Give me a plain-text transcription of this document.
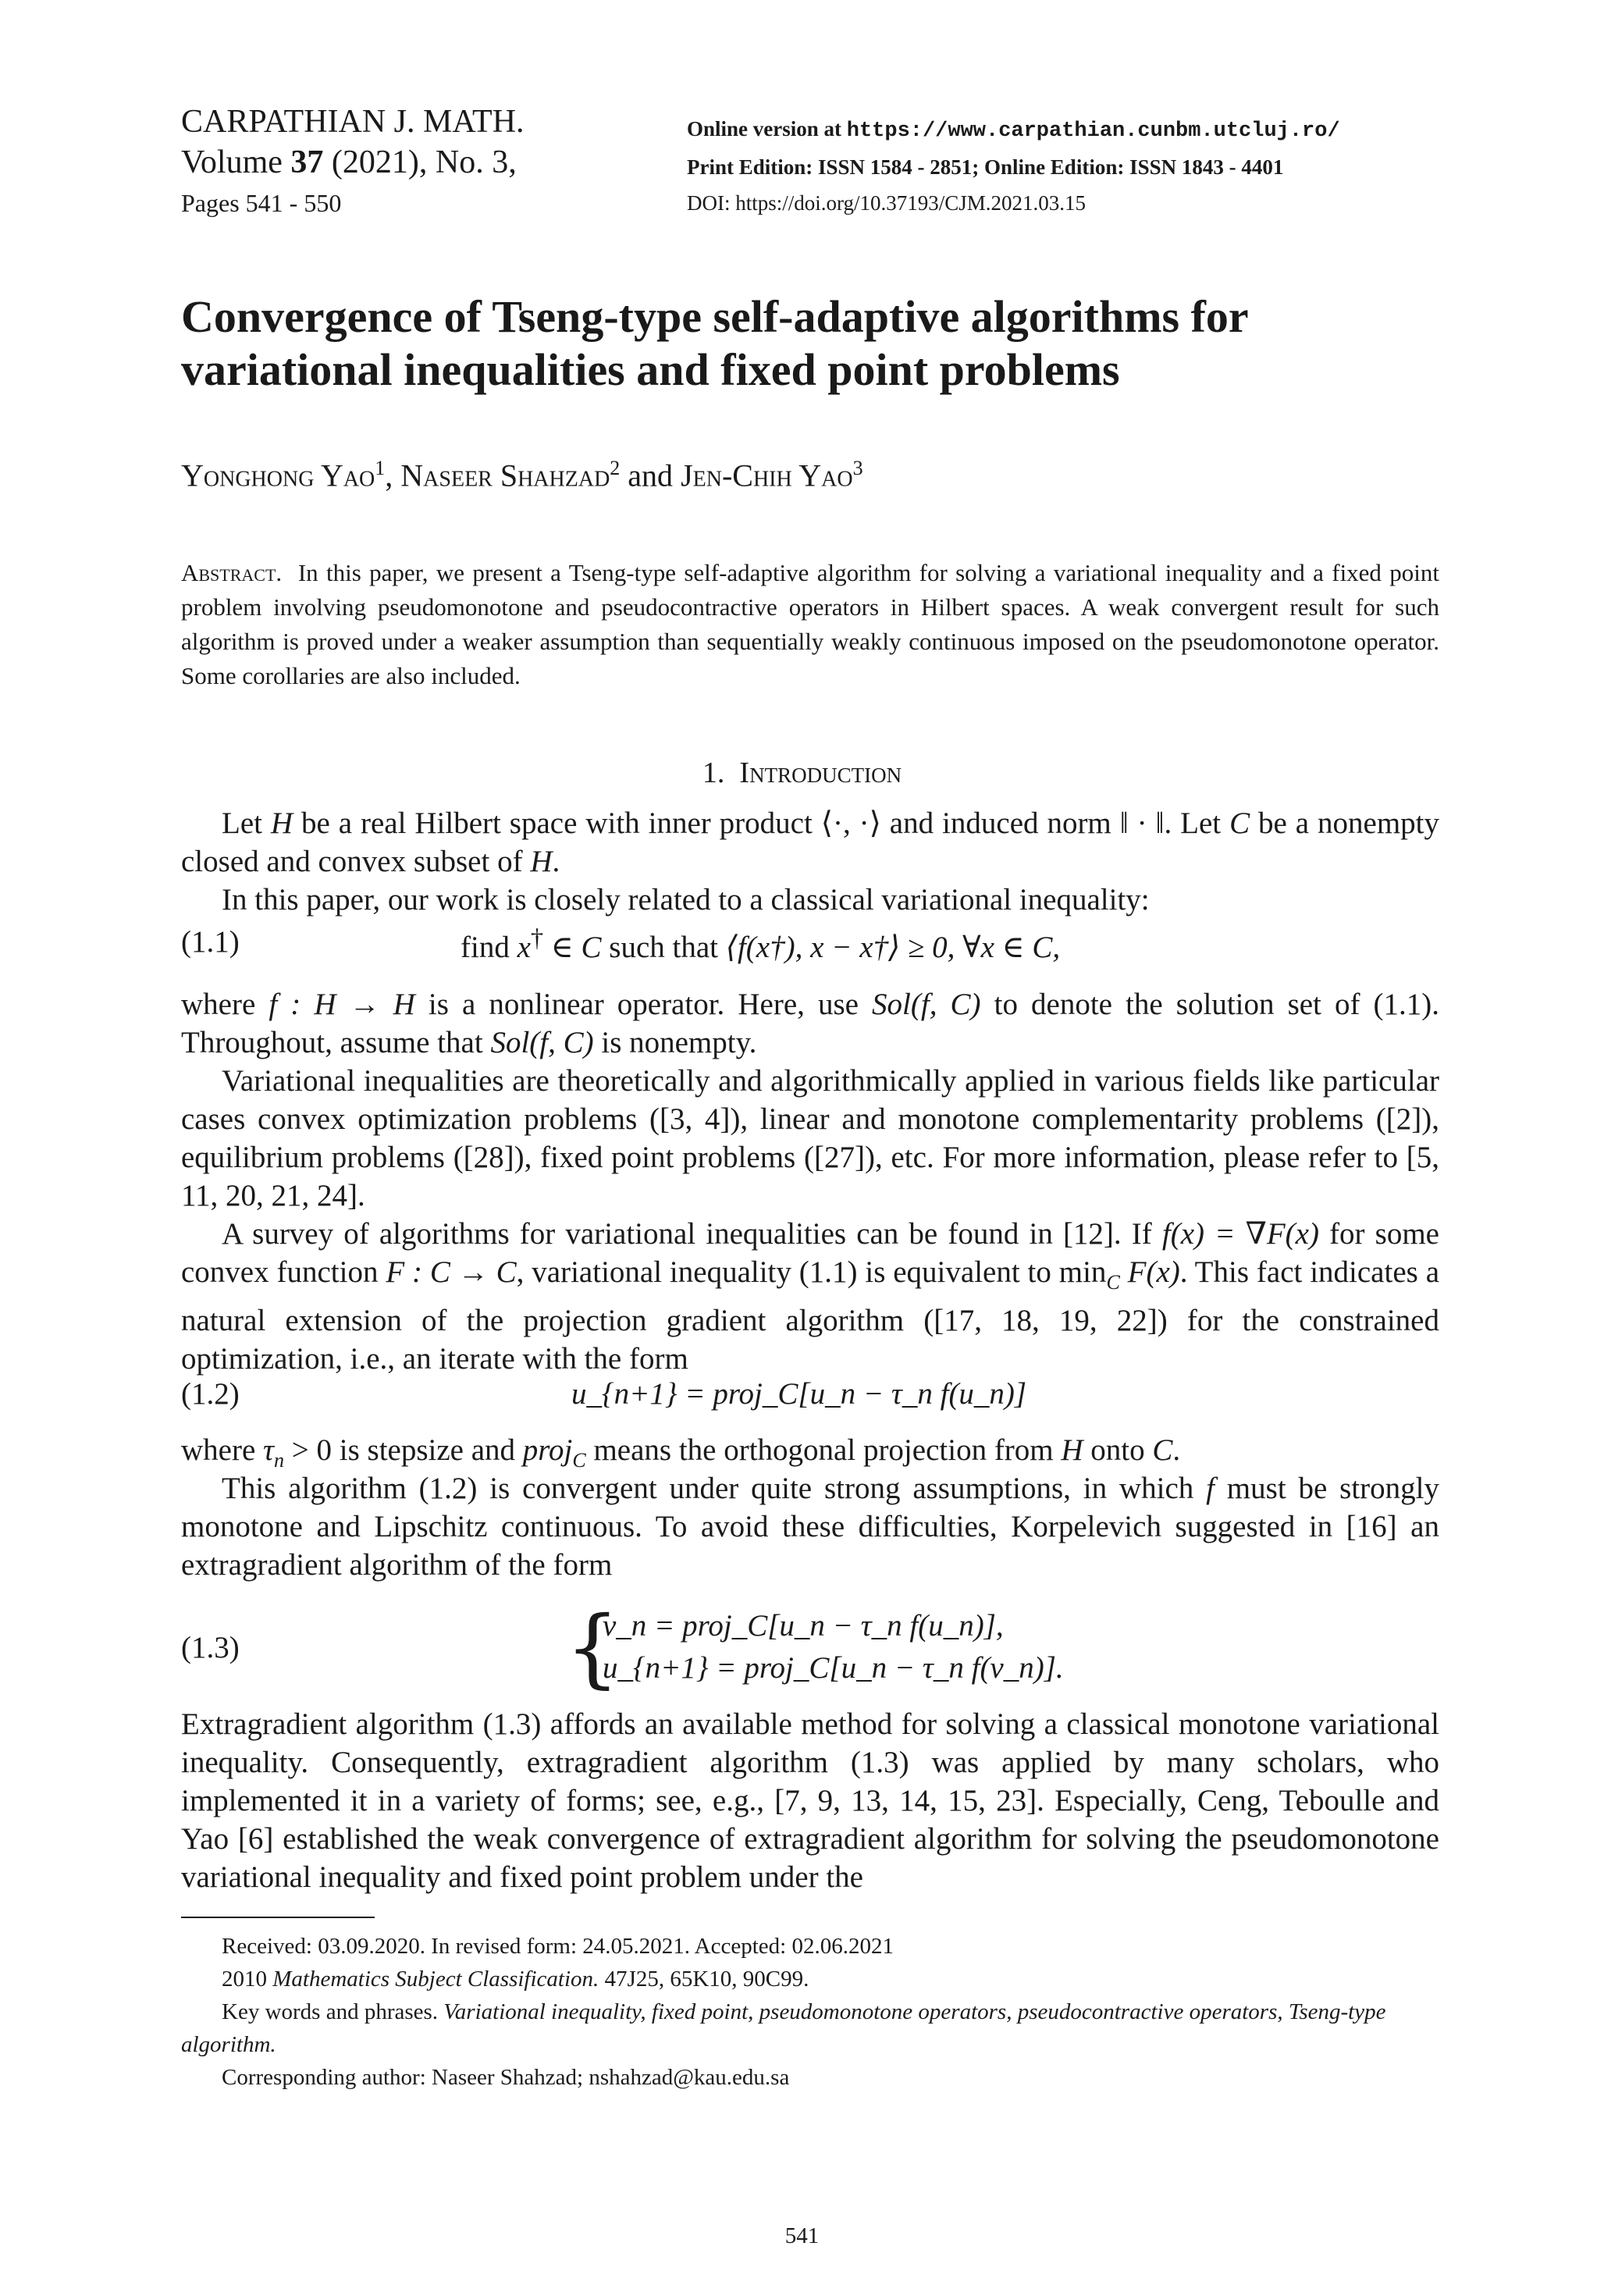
CARPATHIAN J. MATH.
Volume 37 (2021), No. 3,
Pages 541 - 550
Online version at https://www.carpathian.cunbm.utcluj.ro/
Print Edition: ISSN 1584 - 2851; Online Edition: ISSN 1843 - 4401
DOI: https://doi.org/10.37193/CJM.2021.03.15
Convergence of Tseng-type self-adaptive algorithms for
variational inequalities and fixed point problems
Yonghong Yao$^1$, Naseer Shahzad$^2$ and Jen-Chih Yao$^3$
Abstract. In this paper, we present a Tseng-type self-adaptive algorithm for solving a variational inequality and a fixed point problem involving pseudomonotone and pseudocontractive operators in Hilbert spaces. A weak convergent result for such algorithm is proved under a weaker assumption than sequentially weakly continuous imposed on the pseudomonotone operator. Some corollaries are also included.
1. Introduction
Let H be a real Hilbert space with inner product ⟨·, ·⟩ and induced norm ‖ · ‖. Let C be a nonempty closed and convex subset of H.
In this paper, our work is closely related to a classical variational inequality:
(1.1)	find x† ∈ C such that ⟨f(x†), x − x†⟩ ≥ 0, ∀x ∈ C,
where f : H → H is a nonlinear operator. Here, use Sol(f, C) to denote the solution set of (1.1). Throughout, assume that Sol(f, C) is nonempty.
Variational inequalities are theoretically and algorithmically applied in various fields like particular cases convex optimization problems ([3, 4]), linear and monotone complementarity problems ([2]), equilibrium problems ([28]), fixed point problems ([27]), etc. For more information, please refer to [5, 11, 20, 21, 24].
A survey of algorithms for variational inequalities can be found in [12]. If f(x) = ∇F(x) for some convex function F : C → C, variational inequality (1.1) is equivalent to $\min_C F(x)$. This fact indicates a natural extension of the projection gradient algorithm ([17, 18, 19, 22]) for the constrained optimization, i.e., an iterate with the form
(1.2)	u_{n+1} = proj_C[u_n − τ_n f(u_n)]
where $\tau_n > 0$ is stepsize and proj$_C$ means the orthogonal projection from H onto C.
This algorithm (1.2) is convergent under quite strong assumptions, in which f must be strongly monotone and Lipschitz continuous. To avoid these difficulties, Korpelevich suggested in [16] an extragradient algorithm of the form
(1.3)	{
v_n = proj_C[u_n − τ_n f(u_n)],
u_{n+1} = proj_C[u_n − τ_n f(v_n)].
Extragradient algorithm (1.3) affords an available method for solving a classical monotone variational inequality. Consequently, extragradient algorithm (1.3) was applied by many scholars, who implemented it in a variety of forms; see, e.g., [7, 9, 13, 14, 15, 23]. Especially, Ceng, Teboulle and Yao [6] established the weak convergence of extragradient algorithm for solving the pseudomonotone variational inequality and fixed point problem under the
Received: 03.09.2020. In revised form: 24.05.2021. Accepted: 02.06.2021
2010 Mathematics Subject Classification. 47J25, 65K10, 90C99.
Key words and phrases. Variational inequality, fixed point, pseudomonotone operators, pseudocontractive operators, Tseng-type algorithm.
Corresponding author: Naseer Shahzad; nshahzad@kau.edu.sa
541
